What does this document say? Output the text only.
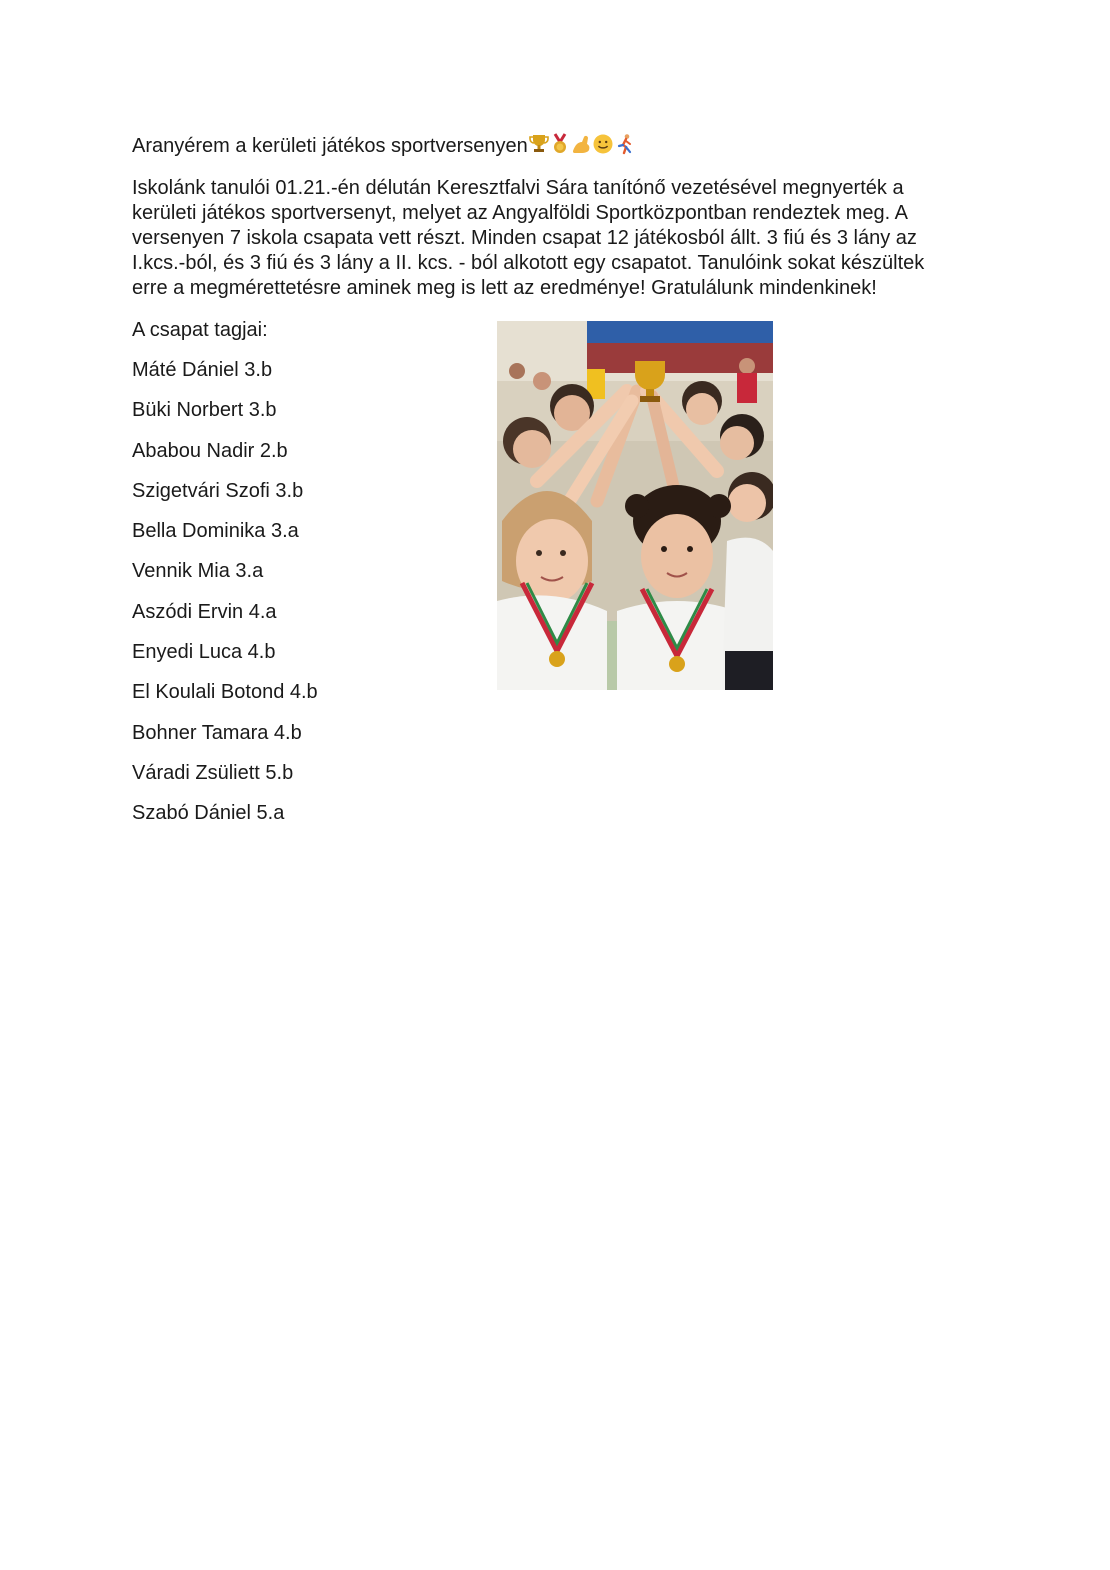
Aranyérem a kerületi játékos sportversenyen
Iskolánk tanulói 01.21.-én délután Keresztfalvi Sára tanítónő vezetésével megnyerték a
kerületi játékos sportversenyt, melyet az Angyalföldi Sportközpontban rendeztek meg. A
versenyen 7 iskola csapata vett részt. Minden csapat 12 játékosból állt. 3 fiú és 3 lány az
I.kcs.-ból, és 3 fiú és 3 lány a II. kcs. - ból alkotott egy csapatot. Tanulóink sokat készültek
erre a megmérettetésre aminek meg is lett az eredménye! Gratulálunk mindenkinek!
A csapat tagjai:
Máté Dániel 3.b
Büki Norbert 3.b
Ababou Nadir 2.b
Szigetvári Szofi 3.b
Bella Dominika 3.a
Vennik Mia 3.a
Aszódi Ervin 4.a
Enyedi Luca 4.b
El Koulali Botond 4.b
Bohner Tamara 4.b
Váradi Zsüliett 5.b
Szabó Dániel 5.a
